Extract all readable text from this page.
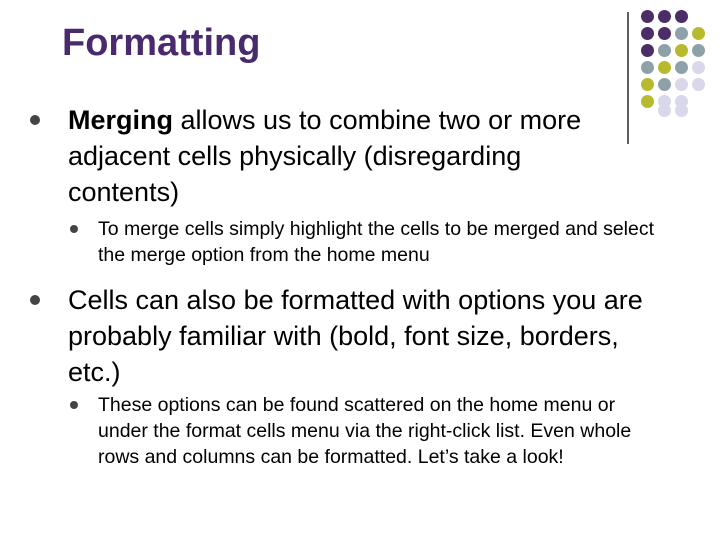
Formatting
Merging allows us to combine two or more adjacent cells physically (disregarding contents)
To merge cells simply highlight the cells to be merged and select the merge option from the home menu
Cells can also be formatted with options you are probably familiar with (bold, font size, borders, etc.)
These options can be found scattered on the home menu or under the format cells menu via the right-click list. Even whole rows and columns can be formatted. Let’s take a look!
